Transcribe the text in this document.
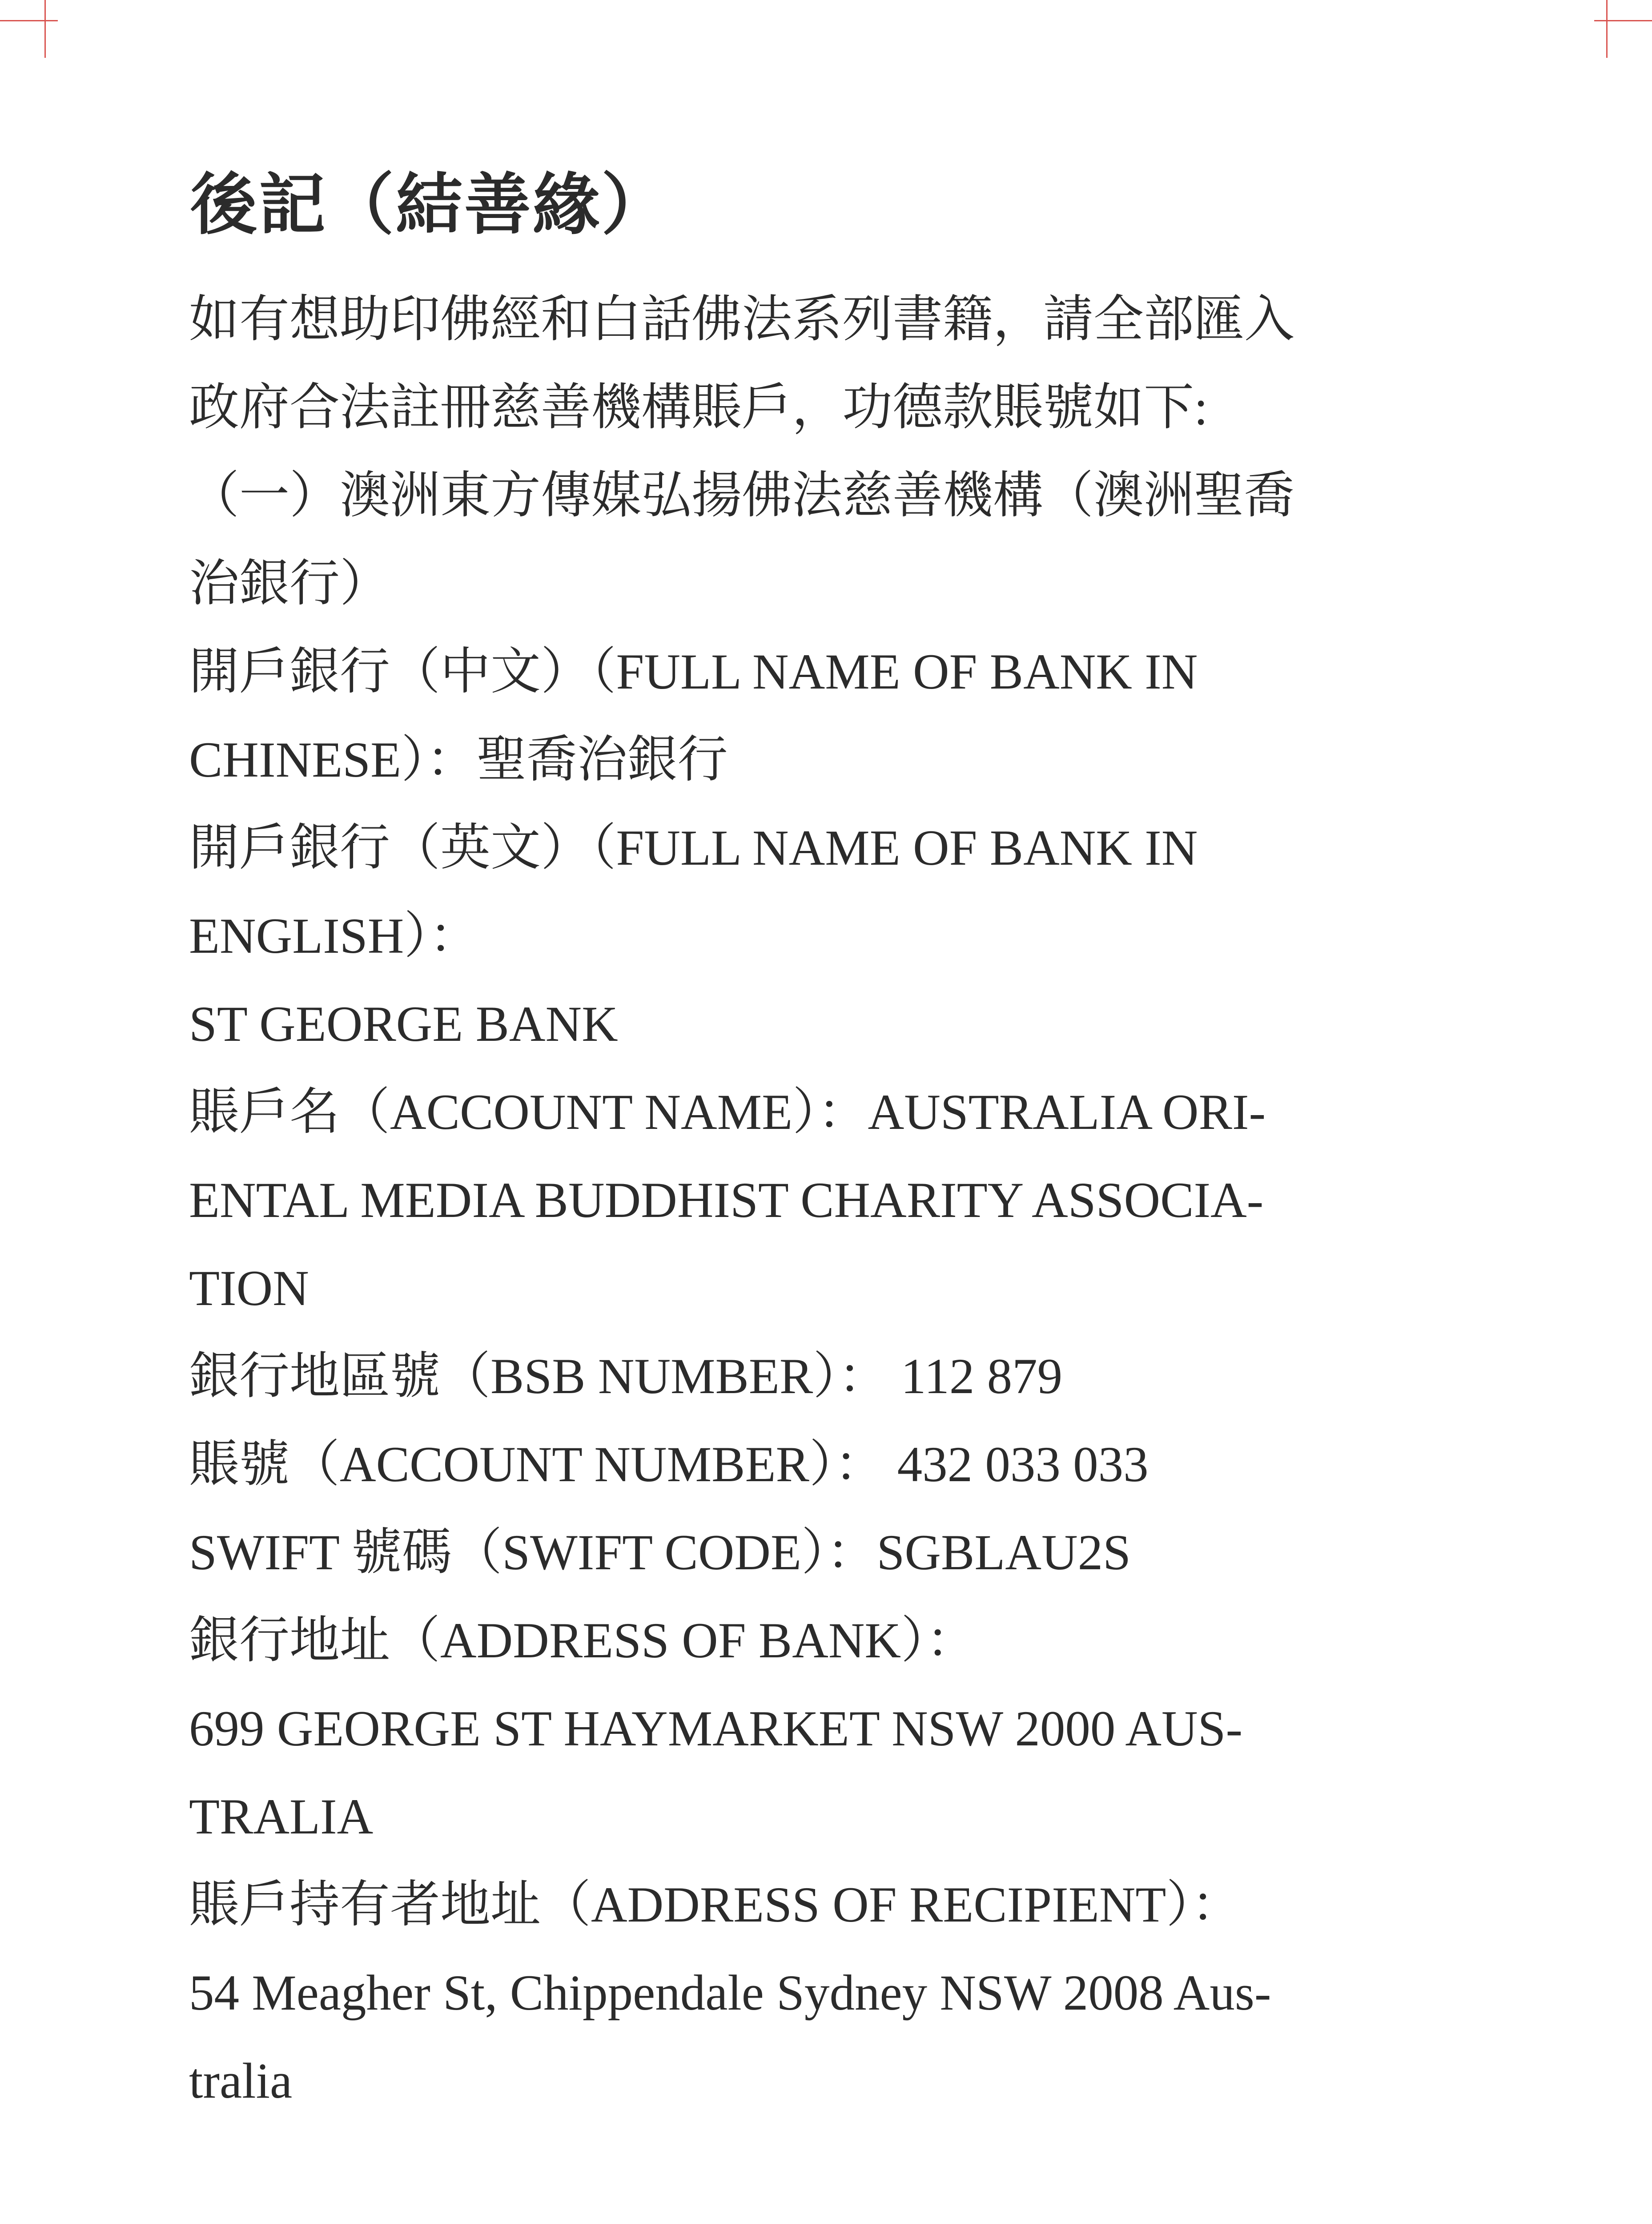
後記（結善緣）
如有想助印佛經和白話佛法系列書籍，請全部匯入
政府合法註冊慈善機構賬戶，功德款賬號如下:
（一）澳洲東方傳媒弘揚佛法慈善機構（澳洲聖喬
治銀行）
開戶銀行（中文）（FULL NAME OF BANK IN
CHINESE）：聖喬治銀行
開戶銀行（英文）（FULL NAME OF BANK IN
ENGLISH）：
ST GEORGE BANK
賬戶名（ACCOUNT NAME）：AUSTRALIA ORI-
ENTAL MEDIA BUDDHIST CHARITY ASSOCIA-
TION
銀行地區號（BSB NUMBER）： 112 879
賬號（ACCOUNT NUMBER）： 432 033 033
SWIFT 號碼（SWIFT CODE）：SGBLAU2S
銀行地址（ADDRESS OF BANK）：
699 GEORGE ST HAYMARKET NSW 2000 AUS-
TRALIA
賬戶持有者地址（ADDRESS OF RECIPIENT）：
54 Meagher St, Chippendale Sydney NSW 2008 Aus-
tralia
